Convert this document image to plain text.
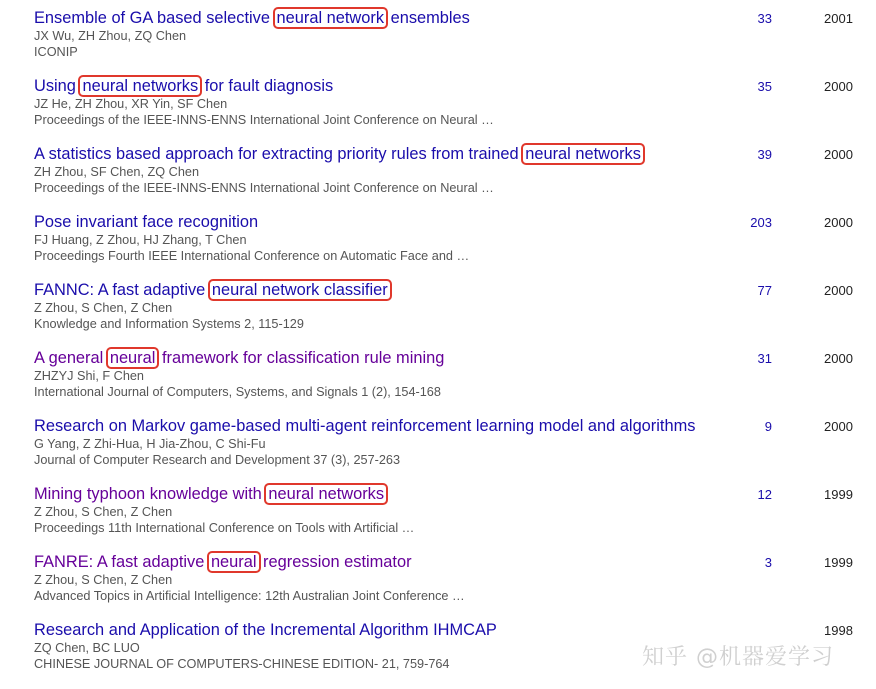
Ensemble of GA based selective neural network ensembles
JX Wu, ZH Zhou, ZQ Chen
ICONIP
33	2001
Using neural networks for fault diagnosis
JZ He, ZH Zhou, XR Yin, SF Chen
Proceedings of the IEEE-INNS-ENNS International Joint Conference on Neural …
35	2000
A statistics based approach for extracting priority rules from trained neural networks
ZH Zhou, SF Chen, ZQ Chen
Proceedings of the IEEE-INNS-ENNS International Joint Conference on Neural …
39	2000
Pose invariant face recognition
FJ Huang, Z Zhou, HJ Zhang, T Chen
Proceedings Fourth IEEE International Conference on Automatic Face and …
203	2000
FANNC: A fast adaptive neural network classifier
Z Zhou, S Chen, Z Chen
Knowledge and Information Systems 2, 115-129
77	2000
A general neural framework for classification rule mining
ZHZYJ Shi, F Chen
International Journal of Computers, Systems, and Signals 1 (2), 154-168
31	2000
Research on Markov game-based multi-agent reinforcement learning model and algorithms
G Yang, Z Zhi-Hua, H Jia-Zhou, C Shi-Fu
Journal of Computer Research and Development 37 (3), 257-263
9	2000
Mining typhoon knowledge with neural networks
Z Zhou, S Chen, Z Chen
Proceedings 11th International Conference on Tools with Artificial …
12	1999
FANRE: A fast adaptive neural regression estimator
Z Zhou, S Chen, Z Chen
Advanced Topics in Artificial Intelligence: 12th Australian Joint Conference …
3	1999
Research and Application of the Incremental Algorithm IHMCAP
ZQ Chen, BC LUO
CHINESE JOURNAL OF COMPUTERS-CHINESE EDITION- 21, 759-764
1998
知乎 @机器爱学习
